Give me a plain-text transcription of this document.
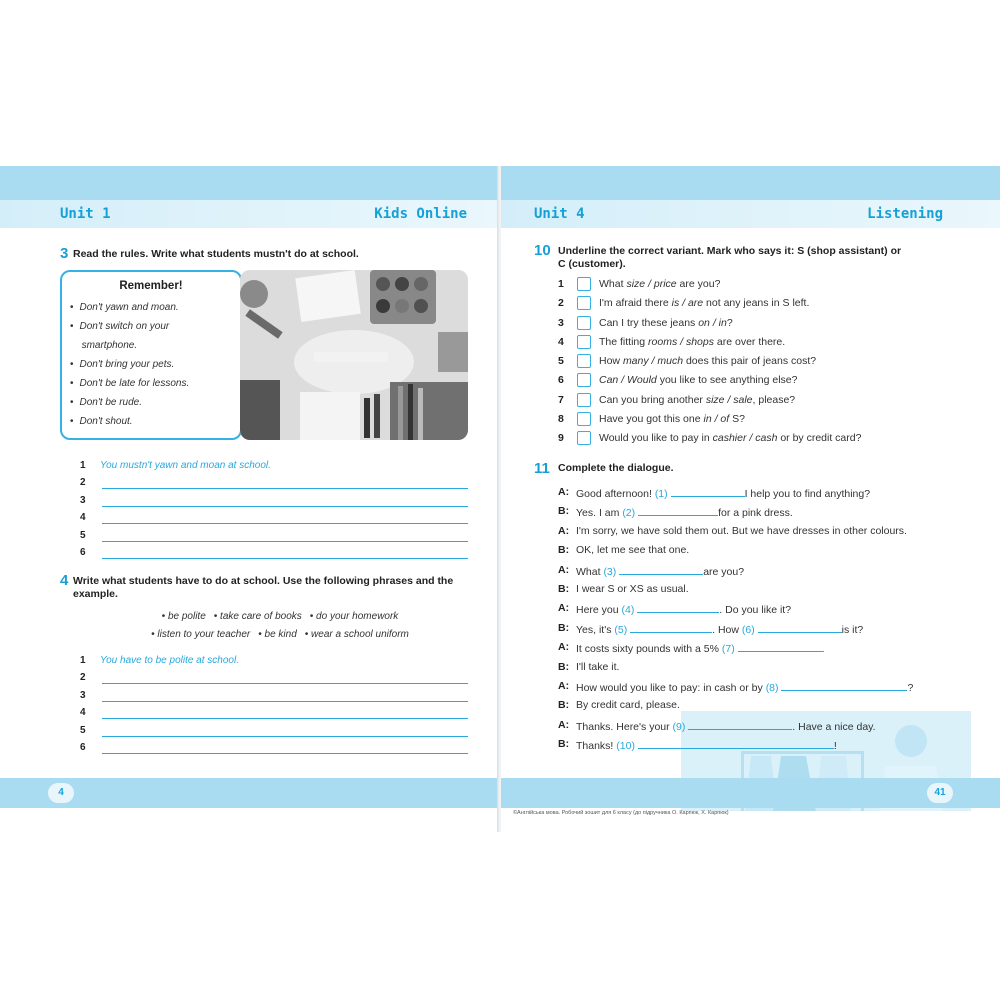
Unit 1	Kids Online
3 Read the rules. Write what students mustn't do at school.
Remember!
• Don't yawn and moan.
• Don't switch on your
smartphone.
• Don't bring your pets.
• Don't be late for lessons.
• Don't be rude.
• Don't shout.
1 You mustn't yawn and moan at school.
2
3
4
5
6
4 Write what students have to do at school. Use the following phrases and the
example.
• be polite • take care of books • do your homework
• listen to your teacher • be kind • wear a school uniform
1 You have to be polite at school.
2
3
4
5
6
4
Unit 4	Listening
10 Underline the correct variant. Mark who says it: S (shop assistant) or
C (customer).
1	What size / price are you?
2	I'm afraid there is / are not any jeans in S left.
3	Can I try these jeans on / in?
4	The fitting rooms / shops are over there.
5	How many / much does this pair of jeans cost?
6	Can / Would you like to see anything else?
7	Can you bring another size / sale, please?
8	Have you got this one in / of S?
9	Would you like to pay in cashier / cash or by credit card?
11 Complete the dialogue.
A: Good afternoon! (1)	I help you to find anything?
B: Yes. I am (2)	for a pink dress.
A: I'm sorry, we have sold them out. But we have dresses in other colours.
B: OK, let me see that one.
A: What (3)	are you?
B: I wear S or XS as usual.
A: Here you (4)	. Do you like it?
B: Yes, it's (5)	. How (6)	is it?
A: It costs sixty pounds with a 5% (7)	.
B: I'll take it.
A: How would you like to pay: in cash or by (8)	?
B: By credit card, please.
A: Thanks. Here's your (9)	. Have a nice day.
B: Thanks! (10)	!
41
©Англійська мова. Робочий зошит для 6 класу (до підручника О. Карпюк, Х. Карпюк)
